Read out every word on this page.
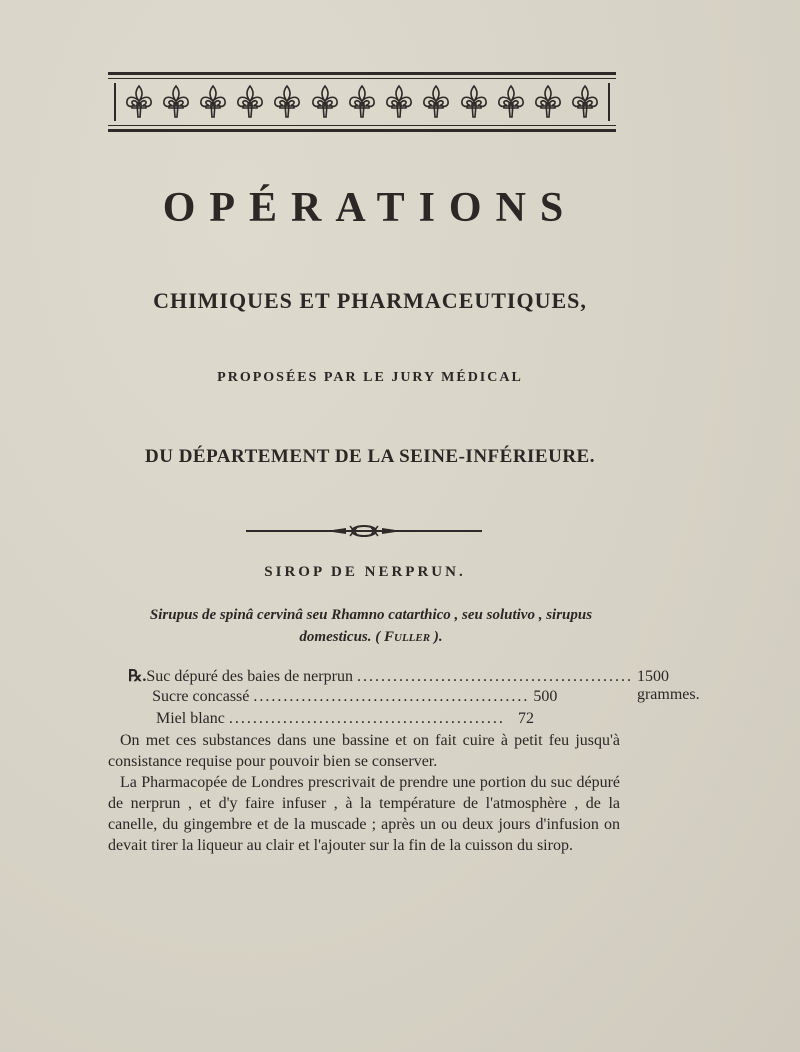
OPÉRATIONS
CHIMIQUES ET PHARMACEUTIQUES,
PROPOSÉES PAR LE JURY MÉDICAL
DU DÉPARTEMENT DE LA SEINE-INFÉRIEURE.
SIROP DE NERPRUN.
Sirupus de spinâ cervinâ seu Rhamno catarthico , seu solutivo , sirupus
domesticus. ( Fuller ).
℞. Suc dépuré des baies de nerprun .............................................. 1500 grammes.
Sucre concassé .............................................. 500
Miel blanc .............................................. 72

On met ces substances dans une bassine et on fait cuire à petit feu jusqu'à consistance requise pour pouvoir bien se conserver.

La Pharmacopée de Londres prescrivait de prendre une portion du suc dépuré de nerprun , et d'y faire infuser , à la température de l'atmosphère , de la canelle, du gingembre et de la muscade ; après un ou deux jours d'infusion on devait tirer la liqueur au clair et l'ajouter sur la fin de la cuisson du sirop.
